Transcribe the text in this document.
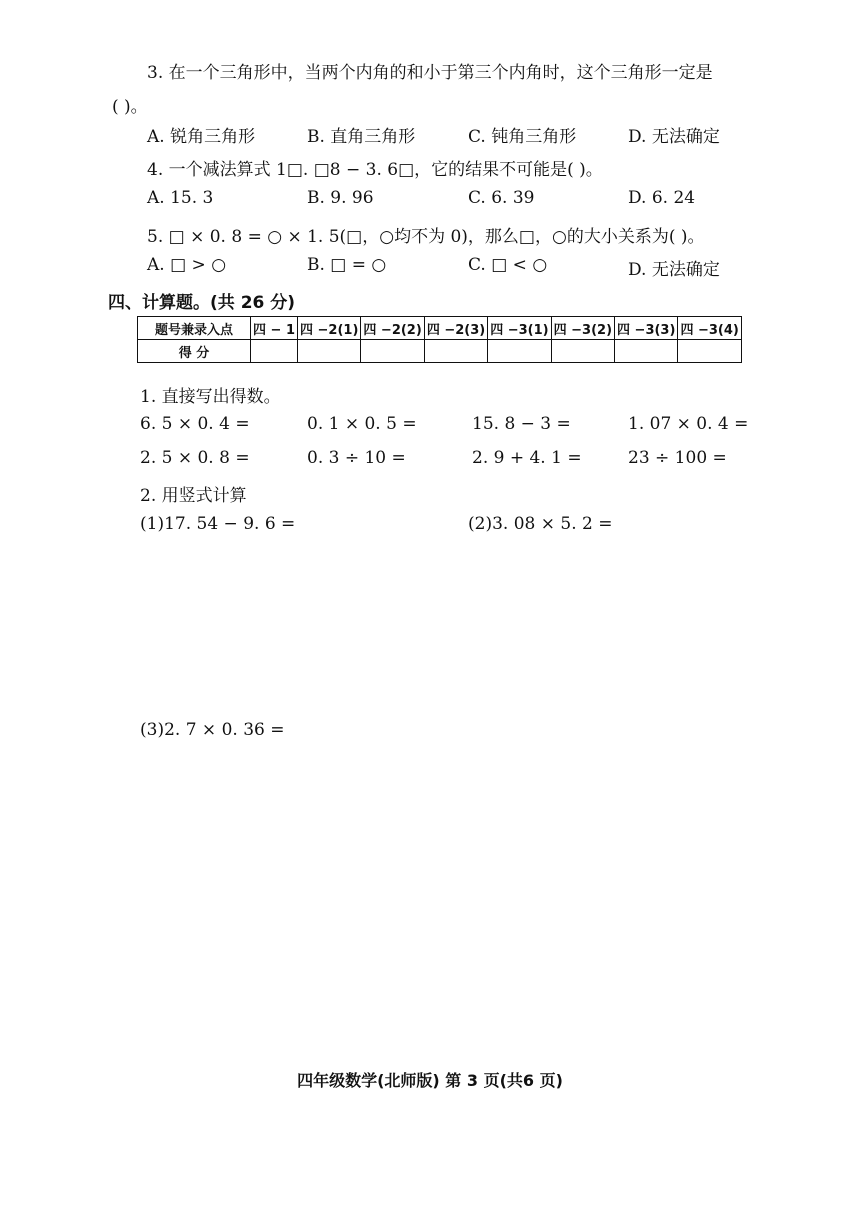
3. 在一个三角形中，当两个内角的和小于第三个内角时，这个三角形一定是
( )。
A. 锐角三角形	B. 直角三角形	C. 钝角三角形	D. 无法确定
4. 一个减法算式 1□. □8 − 3. 6□，它的结果不可能是( )。
A. 15. 3	B. 9. 96	C. 6. 39	D. 6. 24
5. □ × 0. 8 = ○ × 1. 5(□，○均不为 0)，那么□，○的大小关系为( )。
A. □ > ○	B. □ = ○	C. □ < ○	D. 无法确定
四、计算题。(共 26 分)
题号兼录入点	四 − 1	四 −2(1)	四 −2(2)	四 −2(3)	四 −3(1)	四 −3(2)	四 −3(3)	四 −3(4)
得 分								
1. 直接写出得数。
6. 5 × 0. 4 =	0. 1 × 0. 5 =	15. 8 − 3 =	1. 07 × 0. 4 =
2. 5 × 0. 8 =	0. 3 ÷ 10 =	2. 9 + 4. 1 =	23 ÷ 100 =
2. 用竖式计算
(1)17. 54 − 9. 6 =	(2)3. 08 × 5. 2 =
(3)2. 7 × 0. 36 =
四年级数学(北师版) 第 3 页(共6 页)
